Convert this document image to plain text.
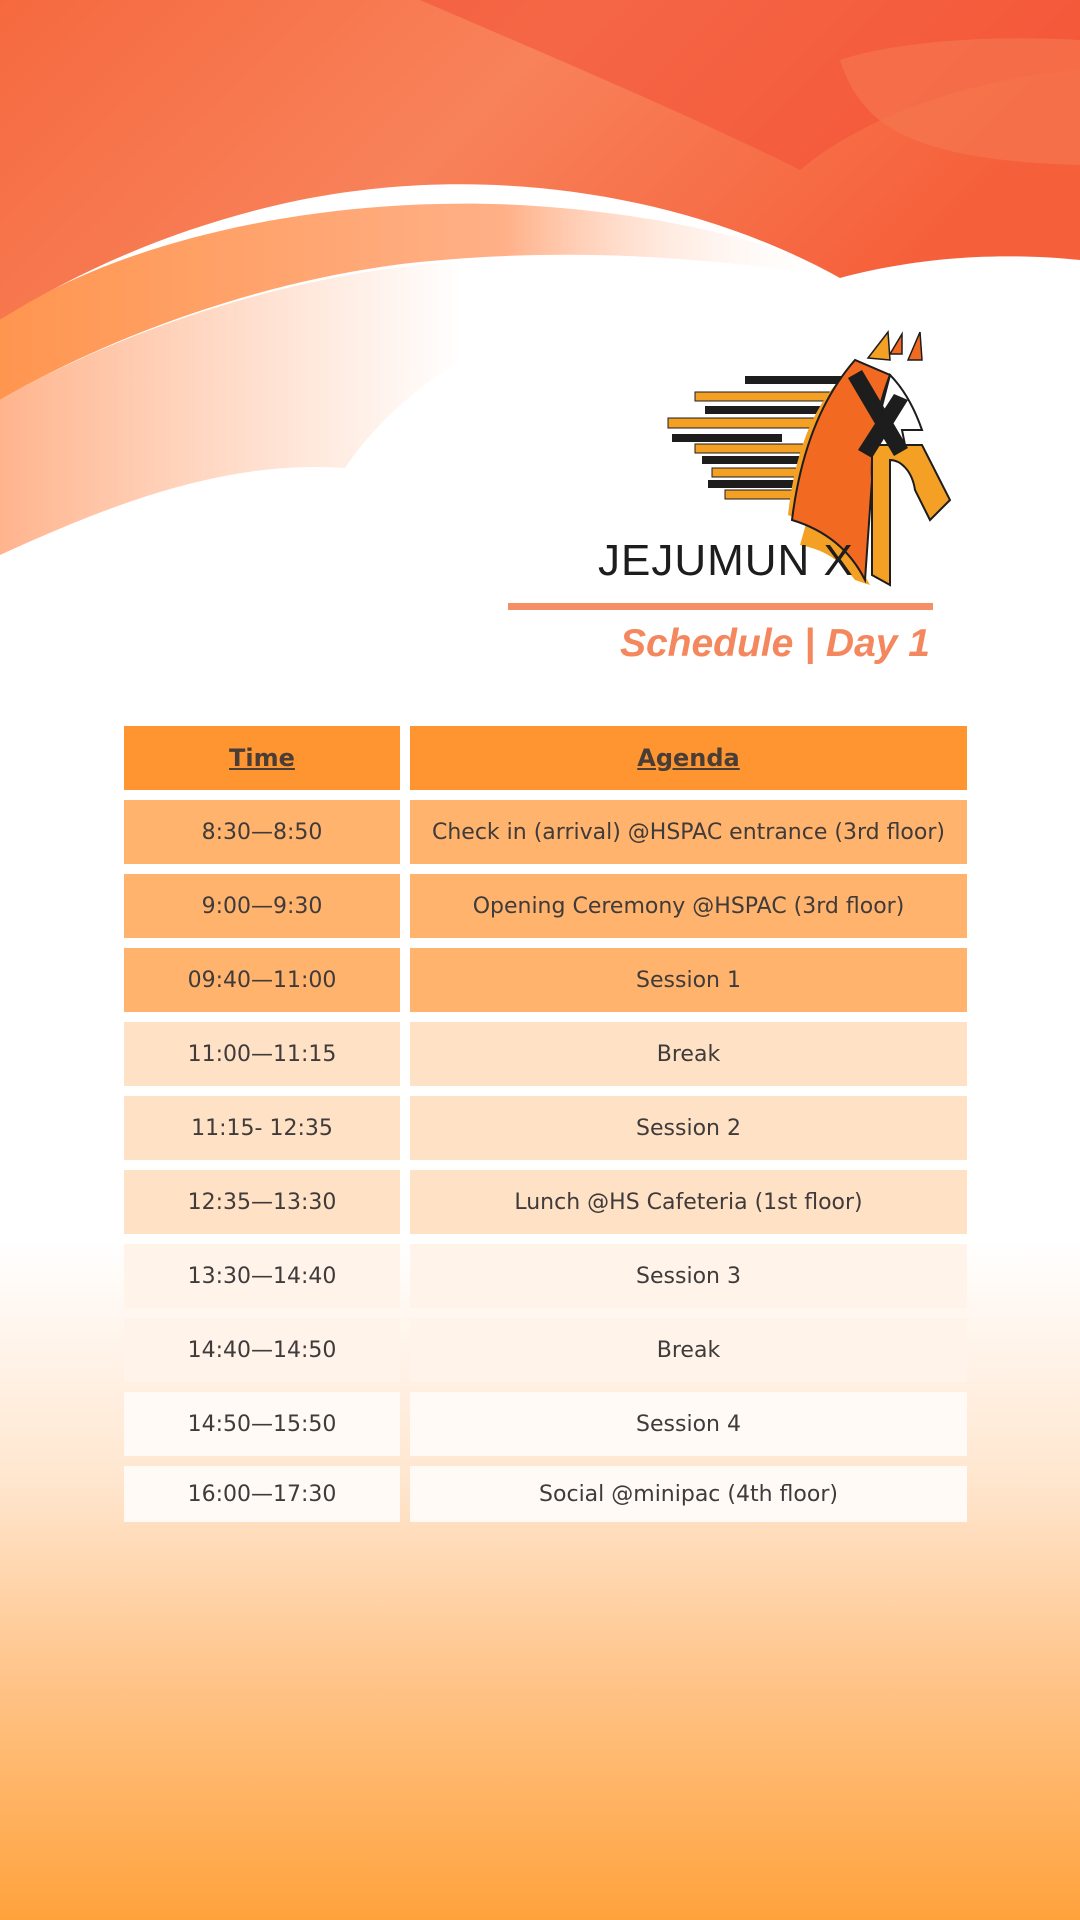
JEJUMUN X
Schedule | Day 1
Time	Agenda
8:30—8:50	Check in (arrival) @HSPAC entrance (3rd floor)
9:00—9:30	Opening Ceremony @HSPAC (3rd floor)
09:40—11:00	Session 1
11:00—11:15	Break
11:15- 12:35	Session 2
12:35—13:30	Lunch @HS Cafeteria (1st floor)
13:30—14:40	Session 3
14:40—14:50	Break
14:50—15:50	Session 4
16:00—17:30	Social @minipac (4th floor)
